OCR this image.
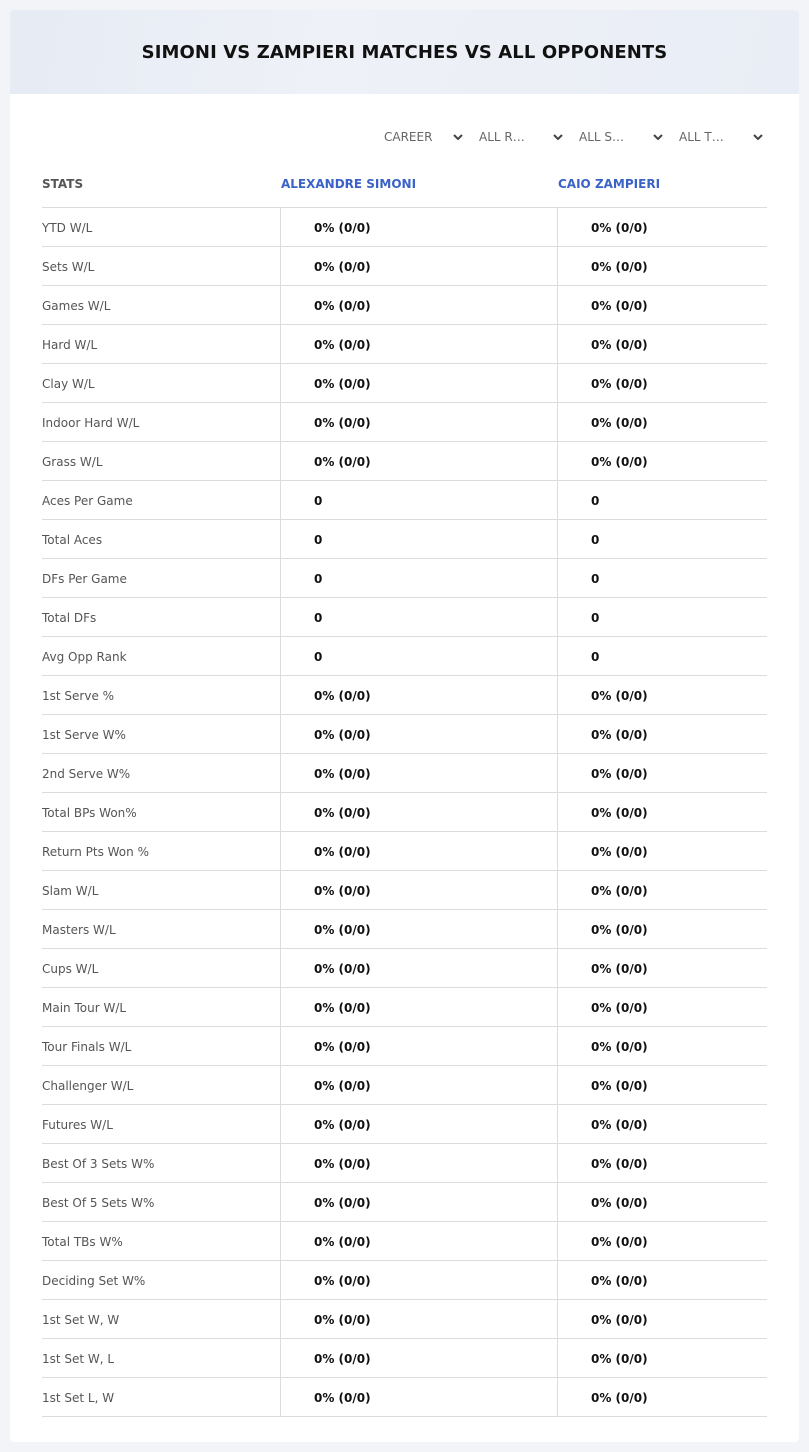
SIMONI VS ZAMPIERI MATCHES VS ALL OPPONENTS
CAREER	ALL R…	ALL S…	ALL T…
STATS	ALEXANDRE SIMONI	CAIO ZAMPIERI
YTD W/L	0% (0/0)	0% (0/0)
Sets W/L	0% (0/0)	0% (0/0)
Games W/L	0% (0/0)	0% (0/0)
Hard W/L	0% (0/0)	0% (0/0)
Clay W/L	0% (0/0)	0% (0/0)
Indoor Hard W/L	0% (0/0)	0% (0/0)
Grass W/L	0% (0/0)	0% (0/0)
Aces Per Game	0	0
Total Aces	0	0
DFs Per Game	0	0
Total DFs	0	0
Avg Opp Rank	0	0
1st Serve %	0% (0/0)	0% (0/0)
1st Serve W%	0% (0/0)	0% (0/0)
2nd Serve W%	0% (0/0)	0% (0/0)
Total BPs Won%	0% (0/0)	0% (0/0)
Return Pts Won %	0% (0/0)	0% (0/0)
Slam W/L	0% (0/0)	0% (0/0)
Masters W/L	0% (0/0)	0% (0/0)
Cups W/L	0% (0/0)	0% (0/0)
Main Tour W/L	0% (0/0)	0% (0/0)
Tour Finals W/L	0% (0/0)	0% (0/0)
Challenger W/L	0% (0/0)	0% (0/0)
Futures W/L	0% (0/0)	0% (0/0)
Best Of 3 Sets W%	0% (0/0)	0% (0/0)
Best Of 5 Sets W%	0% (0/0)	0% (0/0)
Total TBs W%	0% (0/0)	0% (0/0)
Deciding Set W%	0% (0/0)	0% (0/0)
1st Set W, W	0% (0/0)	0% (0/0)
1st Set W, L	0% (0/0)	0% (0/0)
1st Set L, W	0% (0/0)	0% (0/0)
